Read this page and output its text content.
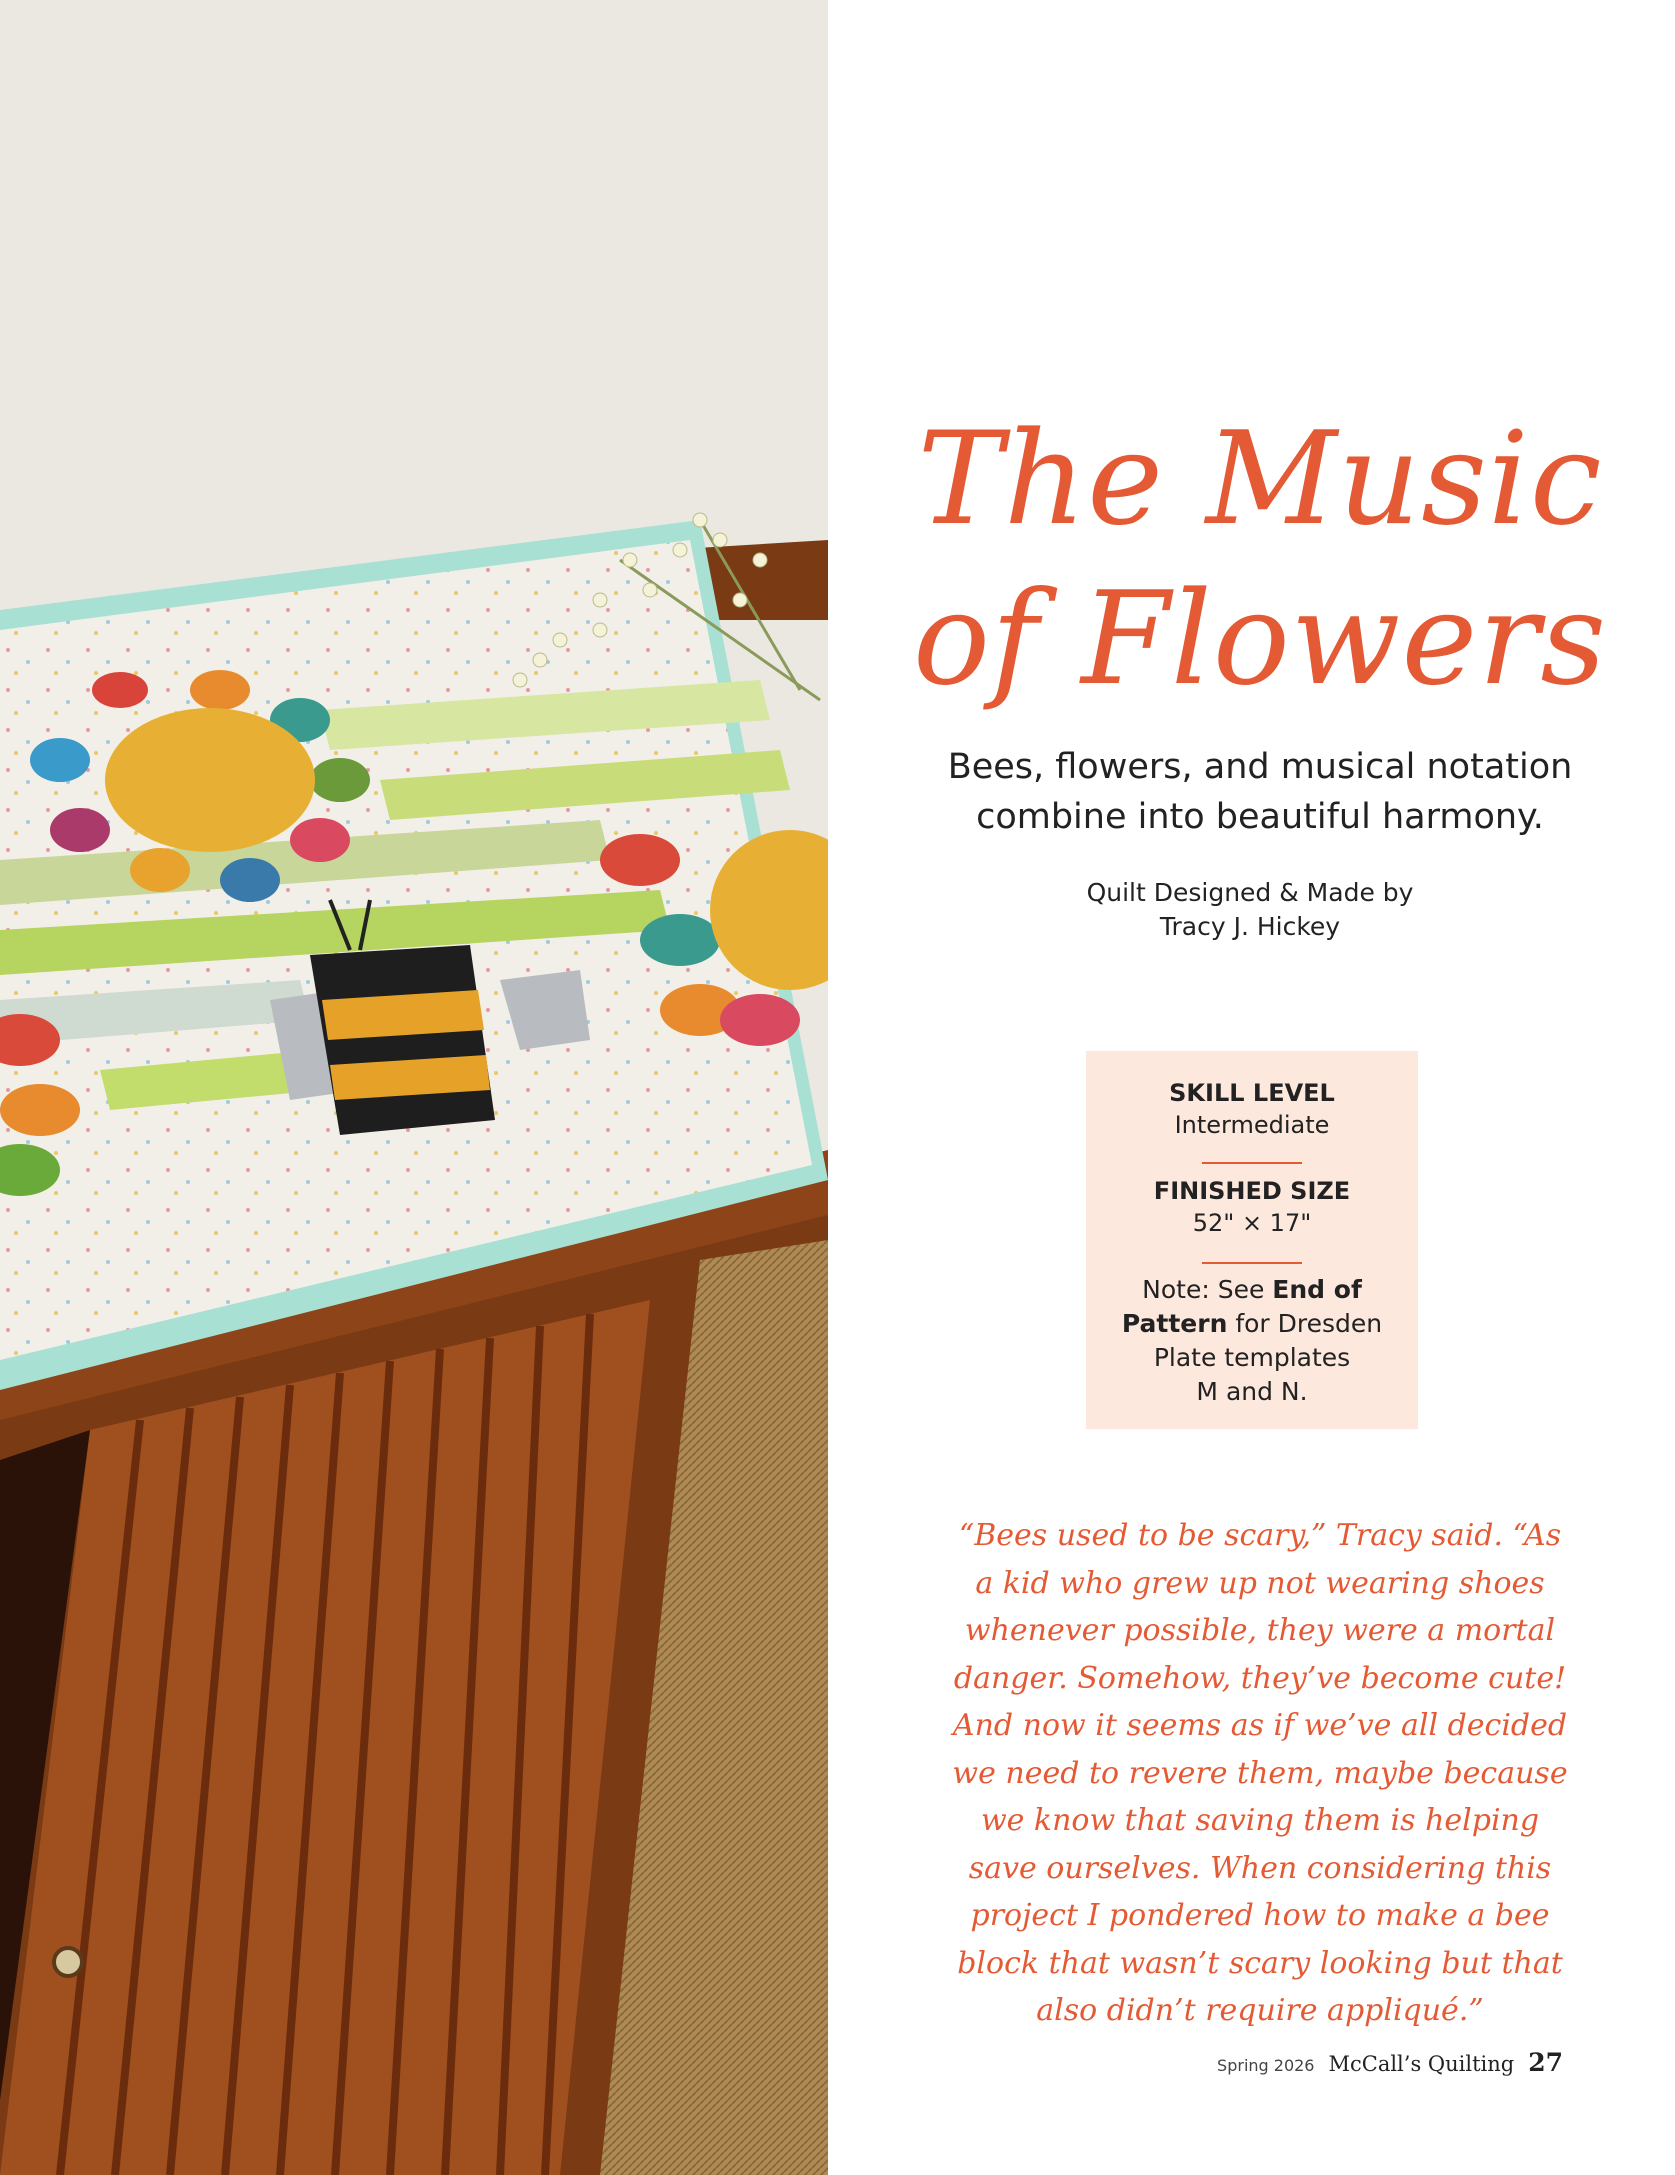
The Music
of Flowers
Bees, flowers, and musical notation
combine into beautiful harmony.
Quilt Designed & Made by
Tracy J. Hickey
SKILL LEVEL
Intermediate
FINISHED SIZE
52" × 17"
Note: See End of Pattern for Dresden
Plate templates
M and N.
“Bees used to be scary,” Tracy said. “As
a kid who grew up not wearing shoes
whenever possible, they were a mortal
danger. Somehow, they’ve become cute!
And now it seems as if we’ve all decided
we need to revere them, maybe because
we know that saving them is helping
save ourselves. When considering this
project I pondered how to make a bee
block that wasn’t scary looking but that
also didn’t require appliqué.”
Spring 2026 McCall’s Quilting 27
